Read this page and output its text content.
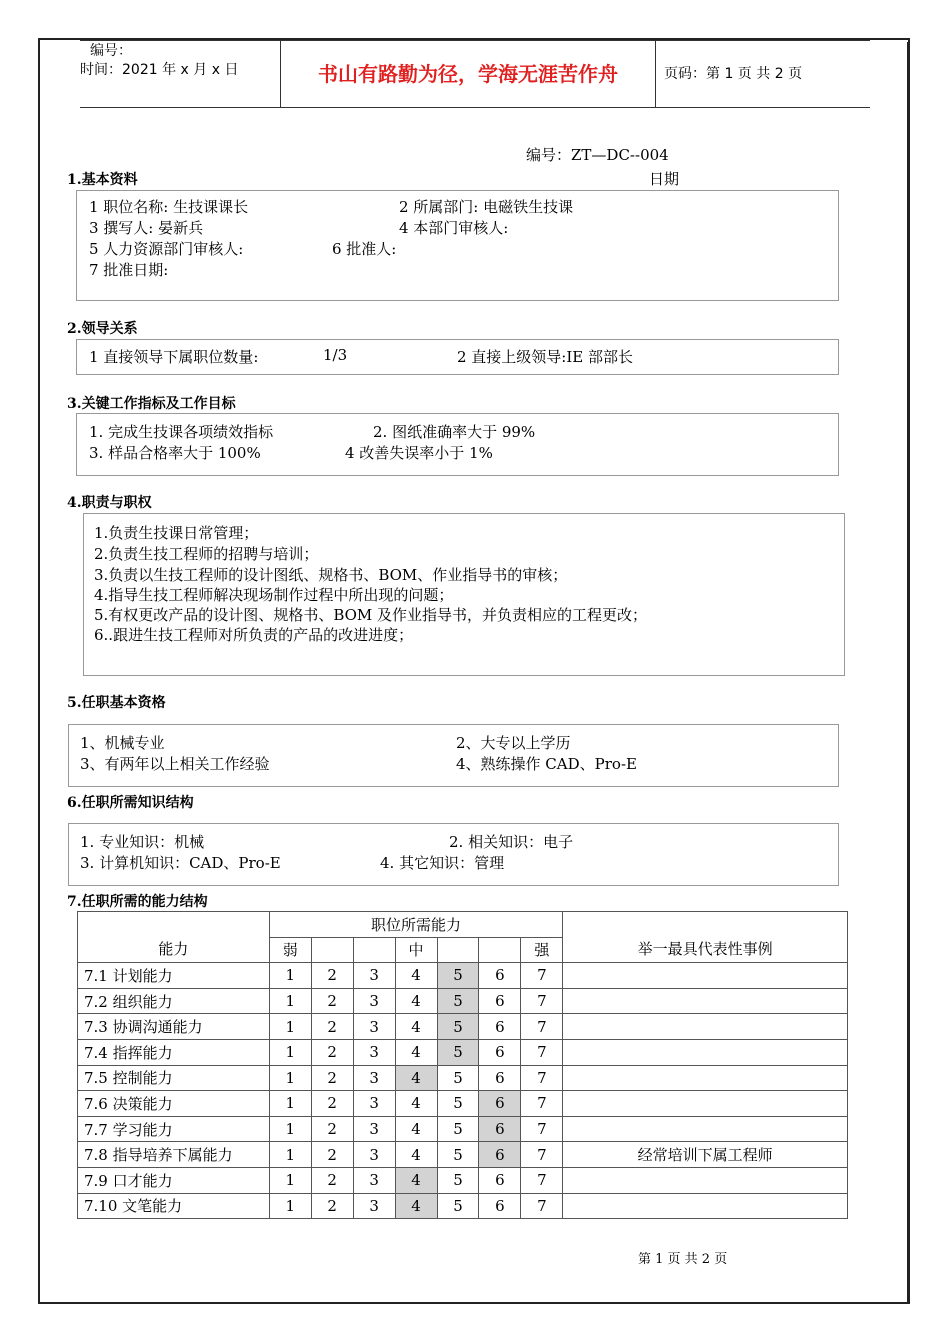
编号：
时间：2021 年 x 月 x 日	书山有路勤为径，学海无涯苦作舟	页码：第 1 页 共 2 页
编号：ZT—DC--004
日期
1.基本资料
1 职位名称: 生技课课长	2 所属部门: 电磁铁生技课
3 撰写人: 晏新兵	4 本部门审核人:
5 人力资源部门审核人:	6 批准人:
7 批准日期:
2.领导关系
1 直接领导下属职位数量:	1/3	2 直接上级领导:IE 部部长
3.关键工作指标及工作目标
1. 完成生技课各项绩效指标	2. 图纸准确率大于 99%
3. 样品合格率大于 100%	4 改善失误率小于 1%
4.职责与职权
1.负责生技课日常管理；
2.负责生技工程师的招聘与培训；
3.负责以生技工程师的设计图纸、规格书、BOM、作业指导书的审核；
4.指导生技工程师解决现场制作过程中所出现的问题；
5.有权更改产品的设计图、规格书、BOM 及作业指导书，并负责相应的工程更改；
6..跟进生技工程师对所负责的产品的改进进度；
5.任职基本资格
1、机械专业	2、大专以上学历
3、有两年以上相关工作经验	4、熟练操作 CAD、Pro-E
6.任职所需知识结构
1. 专业知识：机械	2. 相关知识：电子
3. 计算机知识：CAD、Pro-E	4. 其它知识：管理
7.任职所需的能力结构
能力	职位所需能力							举一最具代表性事例
	弱			中			强	
7.1 计划能力	1	2	3	4	5	6	7	
7.2 组织能力	1	2	3	4	5	6	7	
7.3 协调沟通能力	1	2	3	4	5	6	7	
7.4 指挥能力	1	2	3	4	5	6	7	
7.5 控制能力	1	2	3	4	5	6	7	
7.6 决策能力	1	2	3	4	5	6	7	
7.7 学习能力	1	2	3	4	5	6	7	
7.8 指导培养下属能力	1	2	3	4	5	6	7	经常培训下属工程师
7.9 口才能力	1	2	3	4	5	6	7	
7.10 文笔能力	1	2	3	4	5	6	7	
第 1 页 共 2 页
